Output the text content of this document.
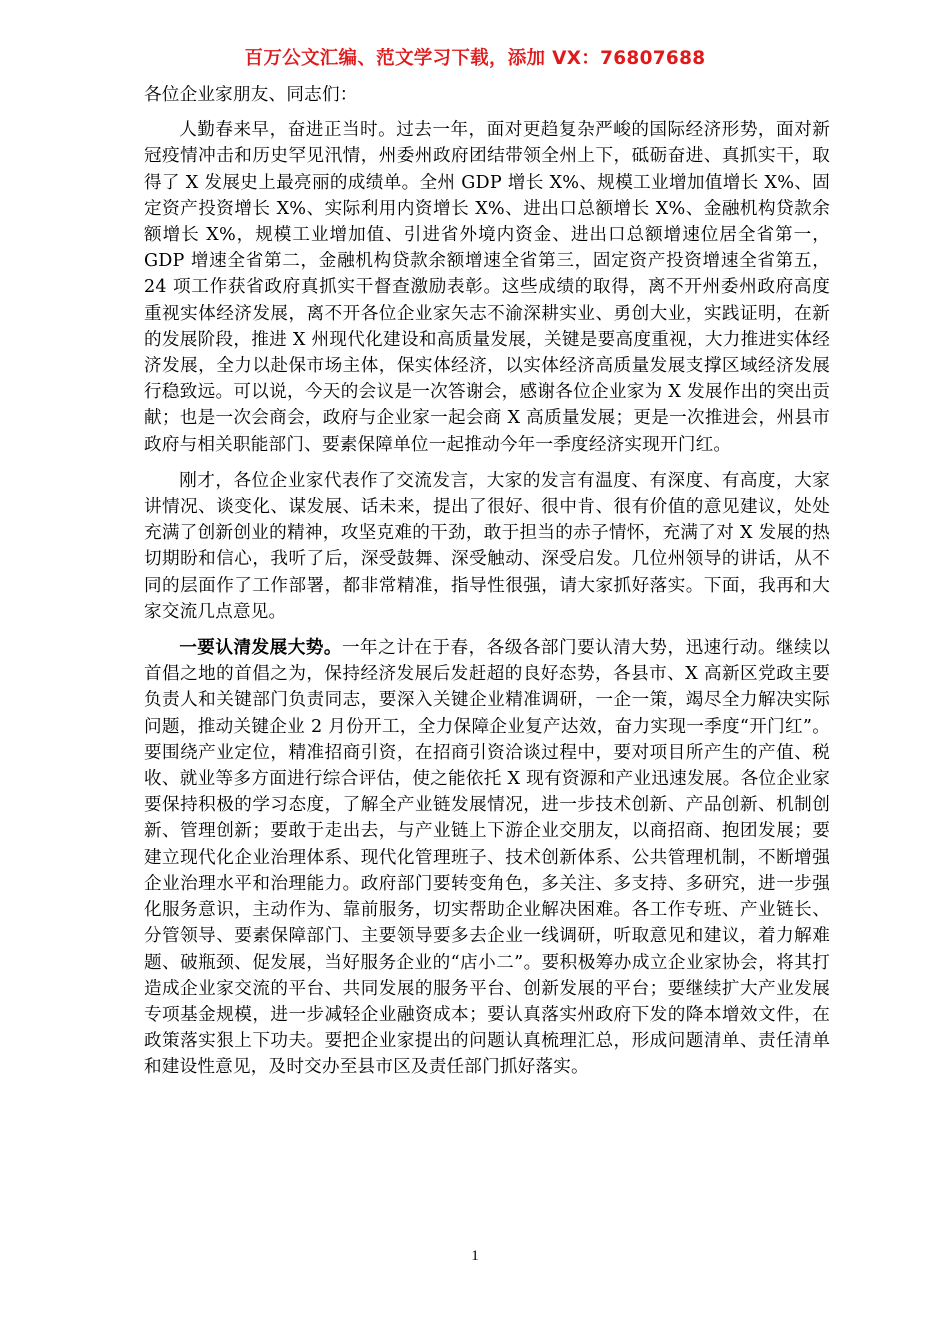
百万公文汇编、范文学习下载，添加 VX：76807688

各位企业家朋友、同志们：

人勤春来早，奋进正当时。过去一年，面对更趋复杂严峻的国际经济形势，面对新冠疫情冲击和历史罕见汛情，州委州政府团结带领全州上下，砥砺奋进、真抓实干，取得了 X 发展史上最亮丽的成绩单。全州 GDP 增长 X%、规模工业增加值增长 X%、固定资产投资增长 X%、实际利用内资增长 X%、进出口总额增长 X%、金融机构贷款余额增长 X%，规模工业增加值、引进省外境内资金、进出口总额增速位居全省第一，GDP 增速全省第二，金融机构贷款余额增速全省第三，固定资产投资增速全省第五，24 项工作获省政府真抓实干督查激励表彰。这些成绩的取得，离不开州委州政府高度重视实体经济发展，离不开各位企业家矢志不渝深耕实业、勇创大业，实践证明，在新的发展阶段，推进 X 州现代化建设和高质量发展，关键是要高度重视，大力推进实体经济发展，全力以赴保市场主体，保实体经济，以实体经济高质量发展支撑区域经济发展行稳致远。可以说，今天的会议是一次答谢会，感谢各位企业家为 X 发展作出的突出贡献；也是一次会商会，政府与企业家一起会商 X 高质量发展；更是一次推进会，州县市政府与相关职能部门、要素保障单位一起推动今年一季度经济实现开门红。

刚才，各位企业家代表作了交流发言，大家的发言有温度、有深度、有高度，大家讲情况、谈变化、谋发展、话未来，提出了很好、很中肯、很有价值的意见建议，处处充满了创新创业的精神，攻坚克难的干劲，敢于担当的赤子情怀，充满了对 X 发展的热切期盼和信心，我听了后，深受鼓舞、深受触动、深受启发。几位州领导的讲话，从不同的层面作了工作部署，都非常精准，指导性很强，请大家抓好落实。下面，我再和大家交流几点意见。

一要认清发展大势。一年之计在于春，各级各部门要认清大势，迅速行动。继续以首倡之地的首倡之为，保持经济发展后发赶超的良好态势，各县市、X 高新区党政主要负责人和关键部门负责同志，要深入关键企业精准调研，一企一策，竭尽全力解决实际问题，推动关键企业 2 月份开工，全力保障企业复产达效，奋力实现一季度“开门红”。要围绕产业定位，精准招商引资，在招商引资洽谈过程中，要对项目所产生的产值、税收、就业等多方面进行综合评估，使之能依托 X 现有资源和产业迅速发展。各位企业家要保持积极的学习态度，了解全产业链发展情况，进一步技术创新、产品创新、机制创新、管理创新；要敢于走出去，与产业链上下游企业交朋友，以商招商、抱团发展；要建立现代化企业治理体系、现代化管理班子、技术创新体系、公共管理机制，不断增强企业治理水平和治理能力。政府部门要转变角色，多关注、多支持、多研究，进一步强化服务意识，主动作为、靠前服务，切实帮助企业解决困难。各工作专班、产业链长、分管领导、要素保障部门、主要领导要多去企业一线调研，听取意见和建议，着力解难题、破瓶颈、促发展，当好服务企业的“店小二”。要积极筹办成立企业家协会，将其打造成企业家交流的平台、共同发展的服务平台、创新发展的平台；要继续扩大产业发展专项基金规模，进一步减轻企业融资成本；要认真落实州政府下发的降本增效文件，在政策落实狠上下功夫。要把企业家提出的问题认真梳理汇总，形成问题清单、责任清单和建设性意见，及时交办至县市区及责任部门抓好落实。

1
